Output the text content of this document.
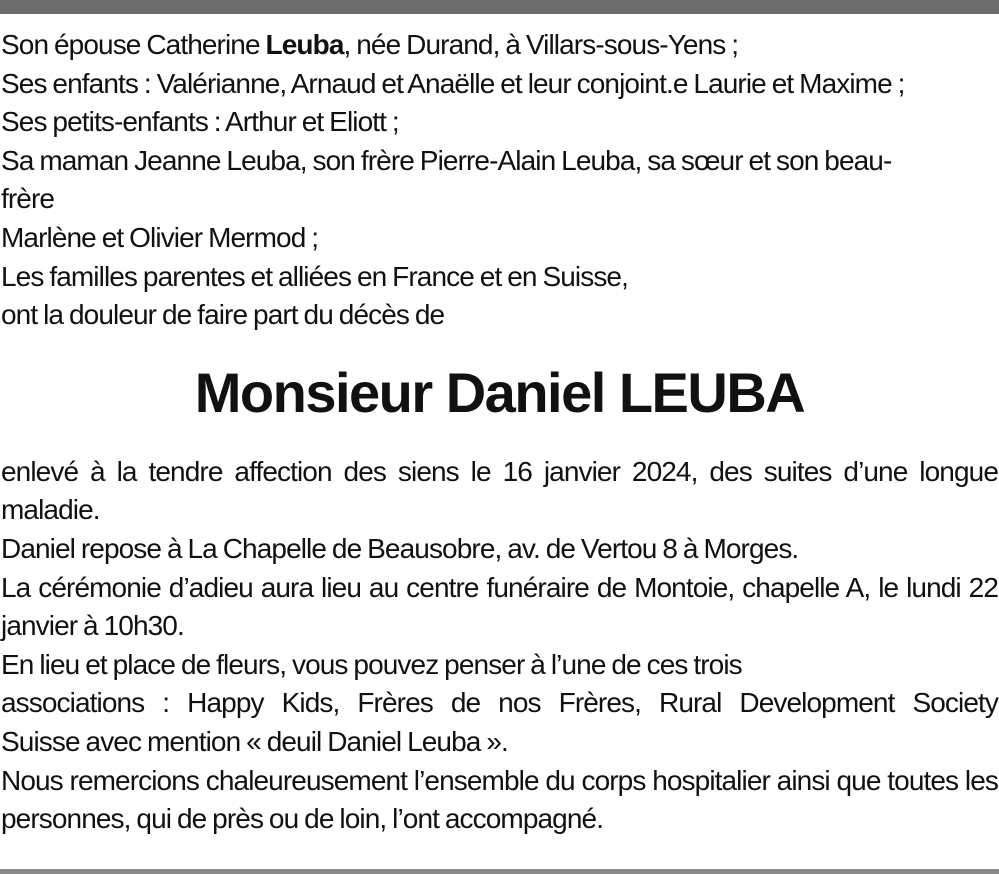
Son épouse Catherine Leuba, née Durand, à Villars-sous-Yens ;

Ses enfants : Valérianne, Arnaud et Anaëlle et leur conjoint.e Laurie et Maxime ;

Ses petits-enfants : Arthur et Eliott ;

Sa maman Jeanne Leuba, son frère Pierre-Alain Leuba, sa sœur et son beau-frère

Marlène et Olivier Mermod ;

Les familles parentes et alliées en France et en Suisse,

ont la douleur de faire part du décès de

Monsieur Daniel LEUBA

enlevé à la tendre affection des siens le 16 janvier 2024, des suites d’une longue maladie.

Daniel repose à La Chapelle de Beausobre, av. de Vertou 8 à Morges.

La cérémonie d’adieu aura lieu au centre funéraire de Montoie, chapelle A, le lundi 22 janvier à 10h30.

En lieu et place de fleurs, vous pouvez penser à l’une de ces trois

associations : Happy Kids, Frères de nos Frères, Rural Development Society

Suisse avec mention « deuil Daniel Leuba ».

Nous remercions chaleureusement l’ensemble du corps hospitalier ainsi que toutes les personnes, qui de près ou de loin, l’ont accompagné.
